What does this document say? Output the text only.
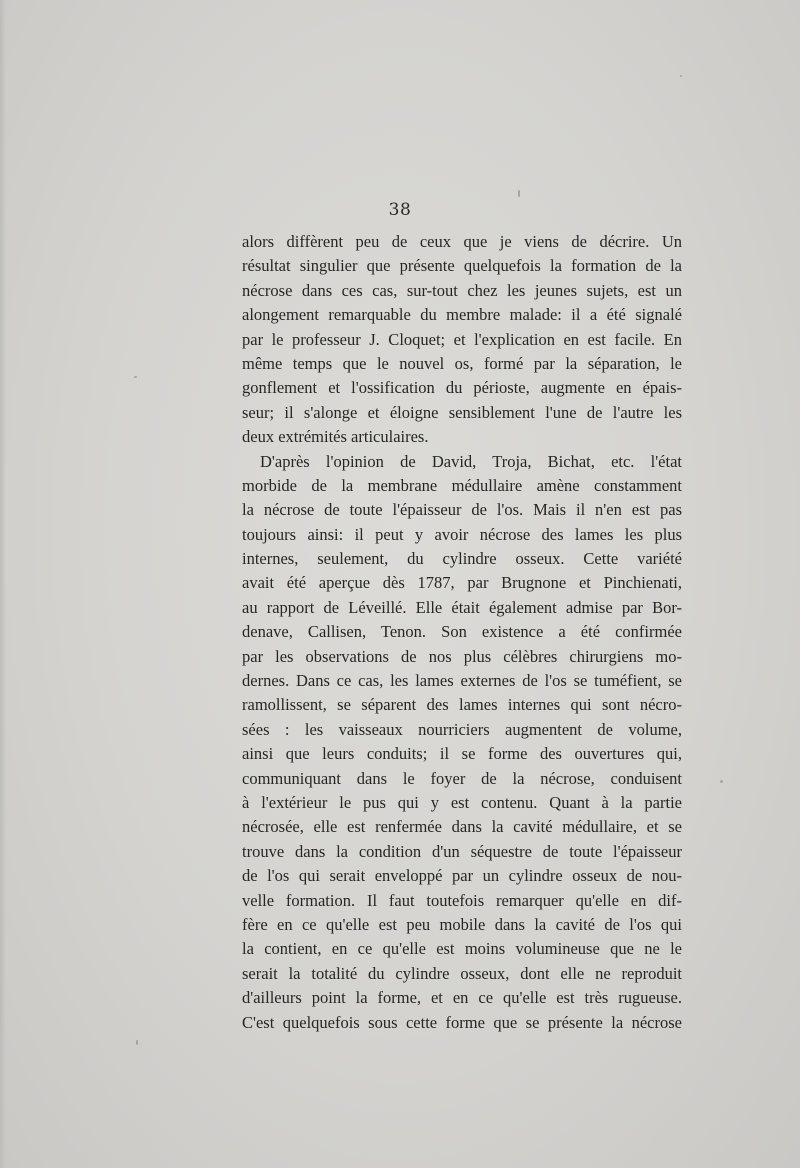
38
alors diffèrent peu de ceux que je viens de décrire. Un
résultat singulier que présente quelquefois la formation de la
nécrose dans ces cas, sur-tout chez les jeunes sujets, est un
alongement remarquable du membre malade: il a été signalé
par le professeur J. Cloquet; et l'explication en est facile. En
même temps que le nouvel os, formé par la séparation, le
gonflement et l'ossification du périoste, augmente en épais-
seur; il s'alonge et éloigne sensiblement l'une de l'autre les
deux extrémités articulaires.
D'après l'opinion de David, Troja, Bichat, etc. l'état
morbide de la membrane médullaire amène constamment
la nécrose de toute l'épaisseur de l'os. Mais il n'en est pas
toujours ainsi: il peut y avoir nécrose des lames les plus
internes, seulement, du cylindre osseux. Cette variété
avait été aperçue dès 1787, par Brugnone et Pinchienati,
au rapport de Léveillé. Elle était également admise par Bor-
denave, Callisen, Tenon. Son existence a été confirmée
par les observations de nos plus célèbres chirurgiens mo-
dernes. Dans ce cas, les lames externes de l'os se tuméfient, se
ramollissent, se séparent des lames internes qui sont nécro-
sées : les vaisseaux nourriciers augmentent de volume,
ainsi que leurs conduits; il se forme des ouvertures qui,
communiquant dans le foyer de la nécrose, conduisent
à l'extérieur le pus qui y est contenu. Quant à la partie
nécrosée, elle est renfermée dans la cavité médullaire, et se
trouve dans la condition d'un séquestre de toute l'épaisseur
de l'os qui serait enveloppé par un cylindre osseux de nou-
velle formation. Il faut toutefois remarquer qu'elle en dif-
fère en ce qu'elle est peu mobile dans la cavité de l'os qui
la contient, en ce qu'elle est moins volumineuse que ne le
serait la totalité du cylindre osseux, dont elle ne reproduit
d'ailleurs point la forme, et en ce qu'elle est très rugueuse.
C'est quelquefois sous cette forme que se présente la nécrose
